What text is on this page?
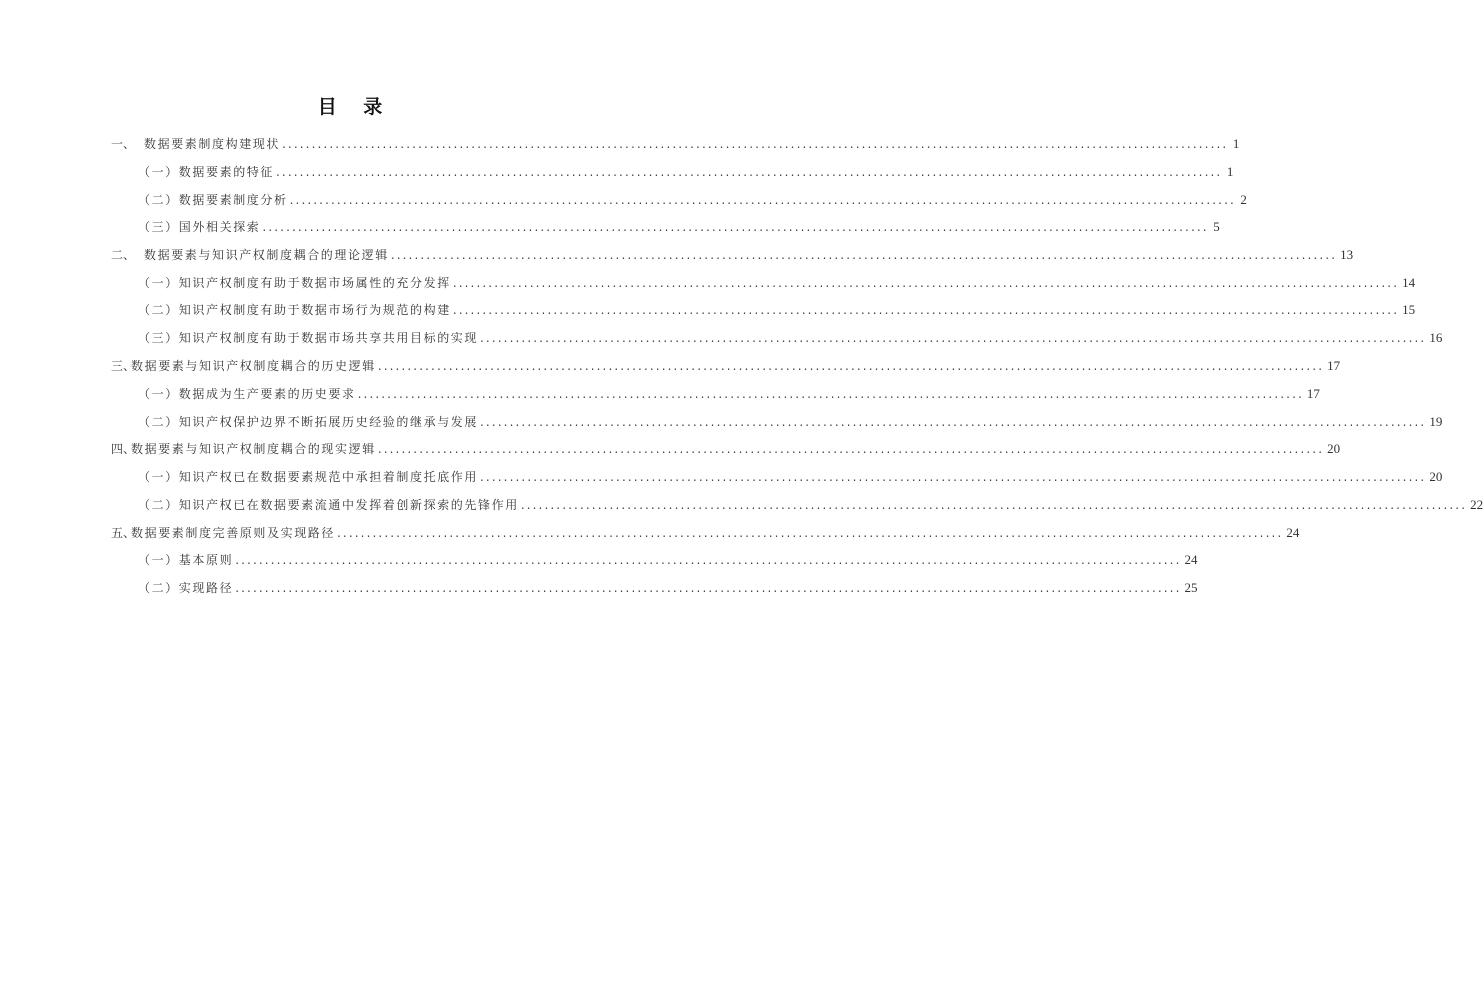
目 录
一、 数据要素制度构建现状 ................................................................................................................................................................ 1
（一）数据要素的特征 ................................................................................................................................................................ 1
（二）数据要素制度分析 ................................................................................................................................................................ 2
（三）国外相关探索 ................................................................................................................................................................ 5
二、 数据要素与知识产权制度耦合的理论逻辑 ................................................................................................................................................................ 13
（一）知识产权制度有助于数据市场属性的充分发挥 ................................................................................................................................................................ 14
（二）知识产权制度有助于数据市场行为规范的构建 ................................................................................................................................................................ 15
（三）知识产权制度有助于数据市场共享共用目标的实现 ................................................................................................................................................................ 16
三、
数据要素与知识产权制度耦合的历史逻辑 ................................................................................................................................................................ 17
（一）数据成为生产要素的历史要求 ................................................................................................................................................................ 17
（二）知识产权保护边界不断拓展历史经验的继承与发展 ................................................................................................................................................................ 19
四、
数据要素与知识产权制度耦合的现实逻辑 ................................................................................................................................................................ 20
（一）知识产权已在数据要素规范中承担着制度托底作用 ................................................................................................................................................................ 20
（二）知识产权已在数据要素流通中发挥着创新探索的先锋作用 ................................................................................................................................................................ 22
五、
数据要素制度完善原则及实现路径 ................................................................................................................................................................ 24
（一）基本原则 ................................................................................................................................................................ 24
（二）实现路径 ................................................................................................................................................................ 25
